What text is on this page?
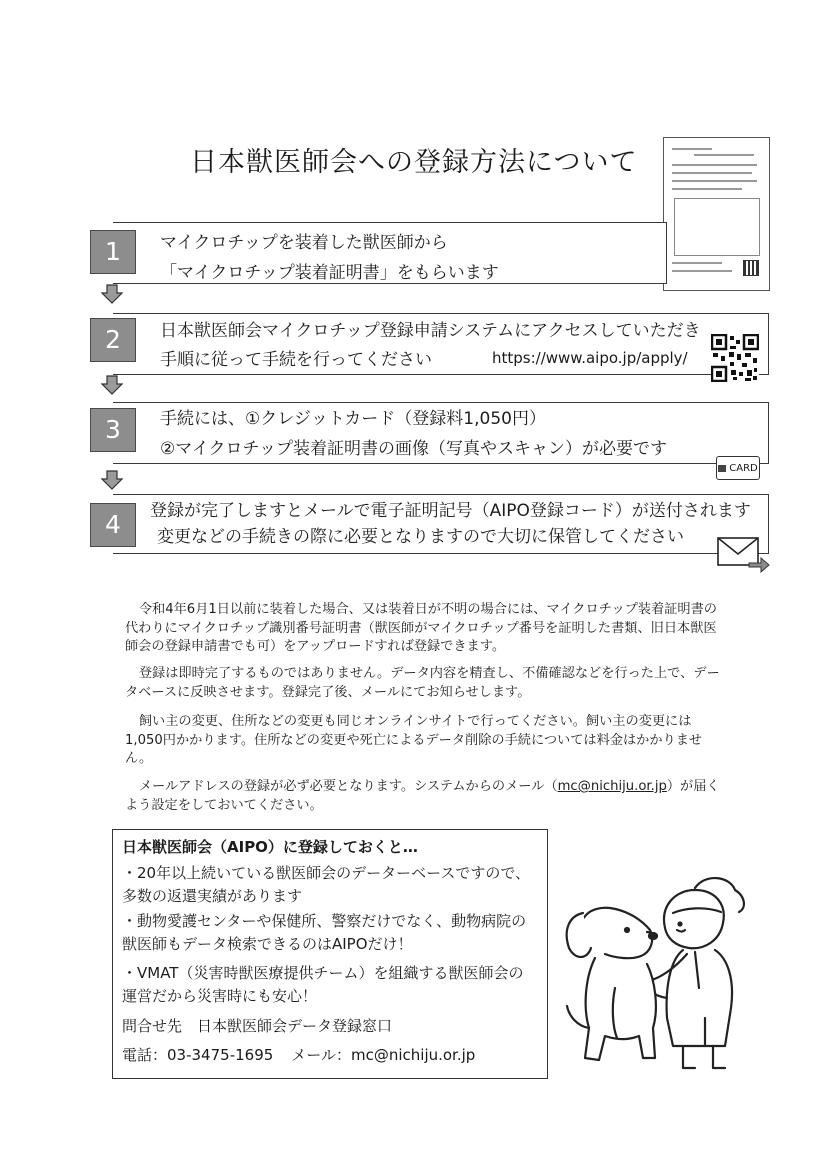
日本獣医師会への登録方法について
1	マイクロチップを装着した獣医師から
「マイクロチップ装着証明書」をもらいます
2	日本獣医師会マイクロチップ登録申請システムにアクセスしていただき
手順に従って手続を行ってください	https://www.aipo.jp/apply/
3	手続には、①クレジットカード（登録料1,050円）
②マイクロチップ装着証明書の画像（写真やスキャン）が必要です
CARD
4	登録が完了しますとメールで電子証明記号（AIPO登録コード）が送付されます
変更などの手続きの際に必要となりますので大切に保管してください

令和4年6月1日以前に装着した場合、又は装着日が不明の場合には、マイクロチップ装着証明書の代わりにマイクロチップ識別番号証明書（獣医師がマイクロチップ番号を証明した書類、旧日本獣医師会の登録申請書でも可）をアップロードすれば登録できます。

登録は即時完了するものではありません。データ内容を精査し、不備確認などを行った上で、データベースに反映させます。登録完了後、メールにてお知らせします。

飼い主の変更、住所などの変更も同じオンラインサイトで行ってください。飼い主の変更には1,050円かかります。住所などの変更や死亡によるデータ削除の手続については料金はかかりません。

メールアドレスの登録が必ず必要となります。システムからのメール（mc@nichiju.or.jp）が届くよう設定をしておいてください。

日本獣医師会（AIPO）に登録しておくと…
・20年以上続いている獣医師会のデーターベースですので、多数の返還実績があります
・動物愛護センターや保健所、警察だけでなく、動物病院の獣医師もデータ検索できるのはAIPOだけ！
・VMAT（災害時獣医療提供チーム）を組織する獣医師会の運営だから災害時にも安心！
問合せ先　日本獣医師会データ登録窓口
電話：03-3475-1695 メール：mc@nichiju.or.jp
